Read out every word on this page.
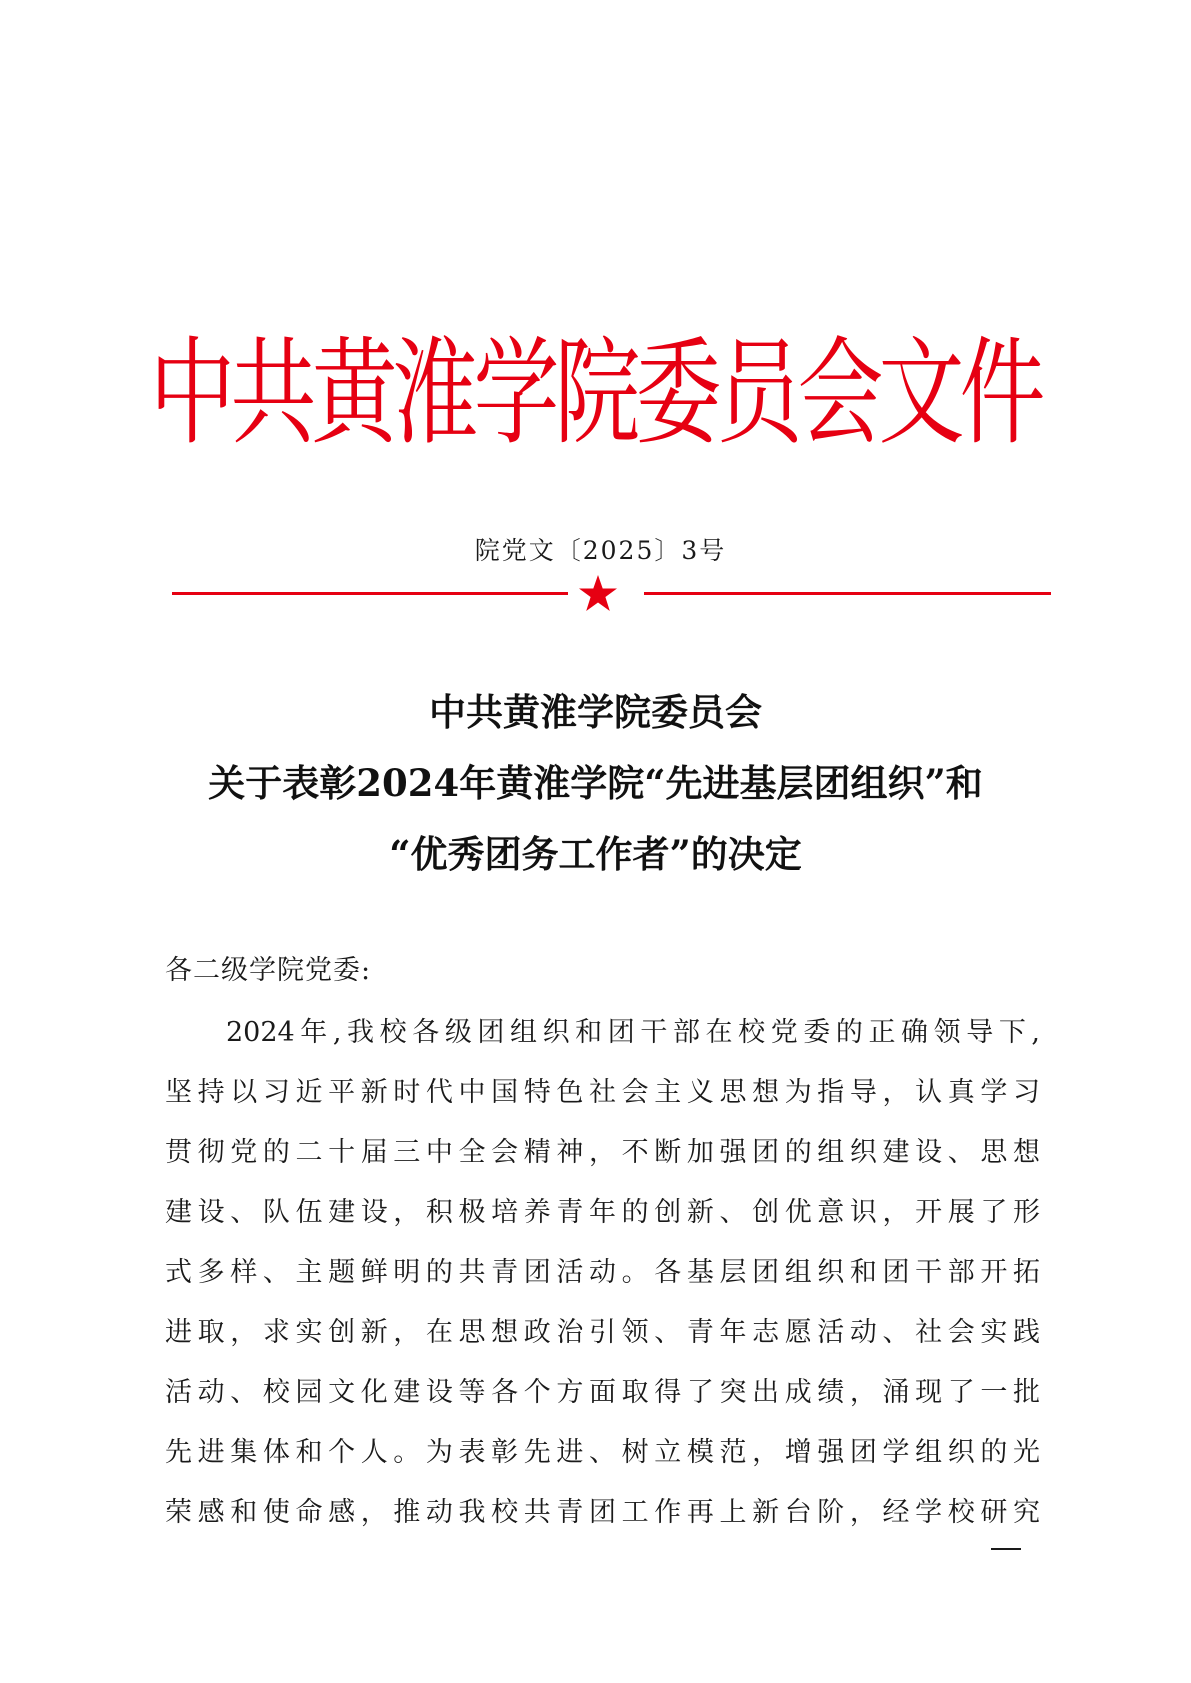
中共黄淮学院委员会文件
院党文〔2025〕3号
中共黄淮学院委员会
关于表彰2024年黄淮学院“先进基层团组织”和
“优秀团务工作者”的决定
各二级学院党委:
2024年,我校各级团组织和团干部在校党委的正确领导下,
坚持以习近平新时代中国特色社会主义思想为指导，认真学习
贯彻党的二十届三中全会精神，不断加强团的组织建设、思想
建设、队伍建设，积极培养青年的创新、创优意识，开展了形
式多样、主题鲜明的共青团活动。各基层团组织和团干部开拓
进取，求实创新，在思想政治引领、青年志愿活动、社会实践
活动、校园文化建设等各个方面取得了突出成绩，涌现了一批
先进集体和个人。为表彰先进、树立模范，增强团学组织的光
荣感和使命感，推动我校共青团工作再上新台阶，经学校研究
